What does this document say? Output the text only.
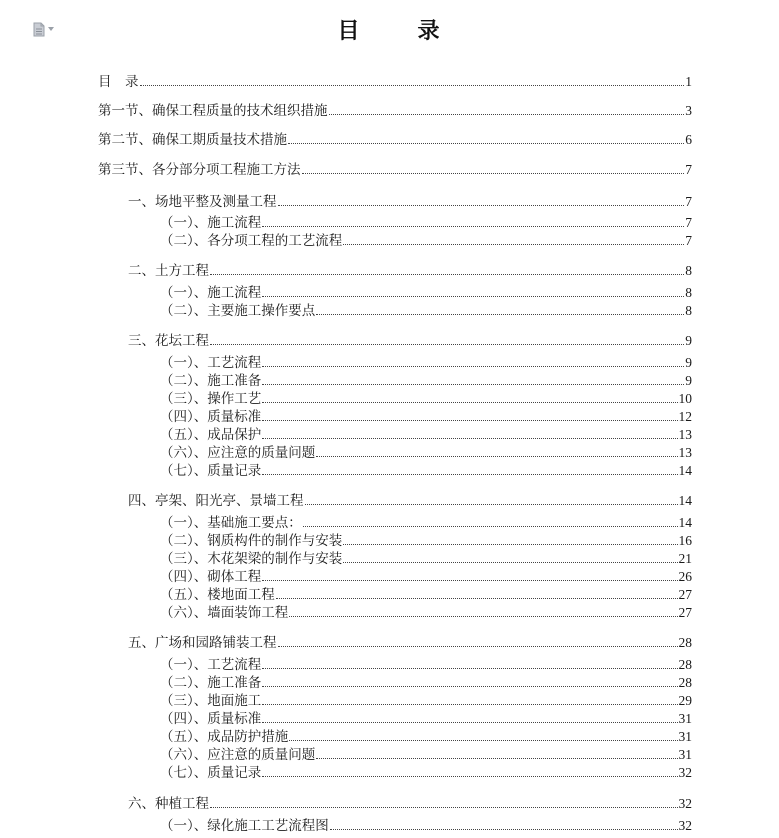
目　录
目　录	1
第一节、确保工程质量的技术组织措施	3
第二节、确保工期质量技术措施	6
第三节、各分部分项工程施工方法	7
一、场地平整及测量工程	7
（一）、施工流程	7
（二）、各分项工程的工艺流程	7
二、土方工程	8
（一）、施工流程	8
（二）、主要施工操作要点	8
三、花坛工程	9
（一）、工艺流程	9
（二）、施工准备	9
（三）、操作工艺	10
（四）、质量标准	12
（五）、成品保护	13
（六）、应注意的质量问题	13
（七）、质量记录	14
四、亭架、阳光亭、景墙工程	14
（一）、基础施工要点：	14
（二）、钢质构件的制作与安装	16
（三）、木花架梁的制作与安装	21
（四）、砌体工程	26
（五）、楼地面工程	27
（六）、墙面装饰工程	27
五、广场和园路铺装工程	28
（一）、工艺流程	28
（二）、施工准备	28
（三）、地面施工	29
（四）、质量标准	31
（五）、成品防护措施	31
（六）、应注意的质量问题	31
（七）、质量记录	32
六、种植工程	32
（一）、绿化施工工艺流程图	32
